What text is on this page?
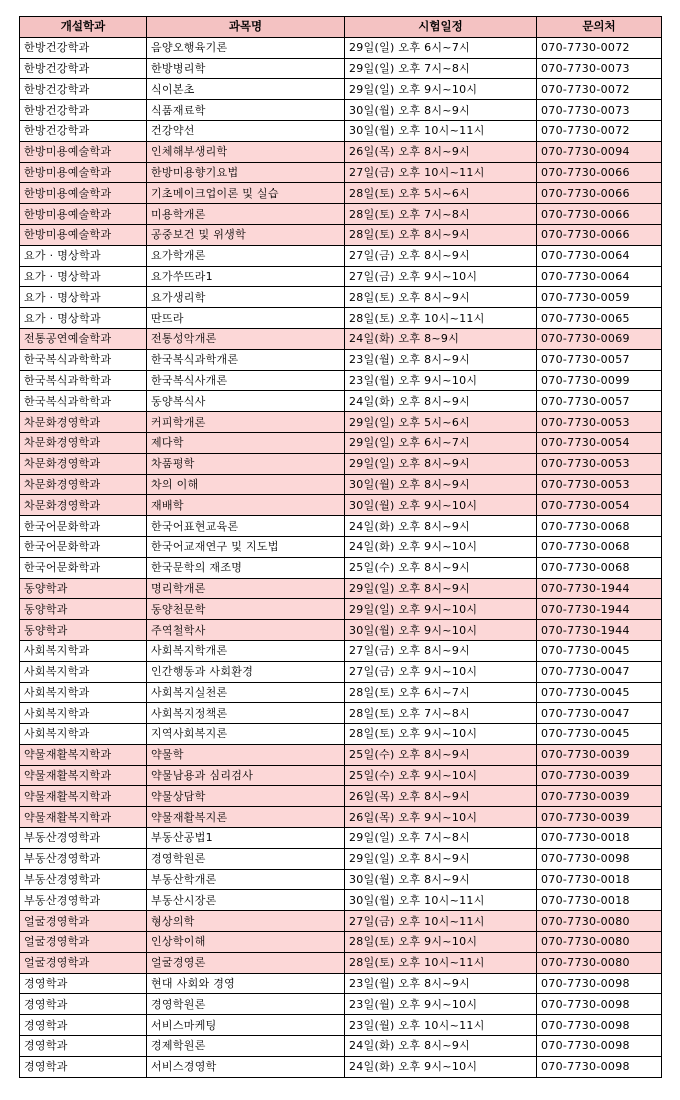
개설학과	과목명	시험일정	문의처
한방건강학과	음양오행육기론	29일(일) 오후 6시~7시	070-7730-0072
한방건강학과	한방병리학	29일(일) 오후 7시~8시	070-7730-0073
한방건강학과	식이본초	29일(일) 오후 9시~10시	070-7730-0072
한방건강학과	식품재료학	30일(월) 오후 8시~9시	070-7730-0073
한방건강학과	건강약선	30일(월) 오후 10시~11시	070-7730-0072
한방미용예술학과	인체해부생리학	26일(목) 오후 8시~9시	070-7730-0094
한방미용예술학과	한방미용향기요법	27일(금) 오후 10시~11시	070-7730-0066
한방미용예술학과	기초메이크업이론 및 실습	28일(토) 오후 5시~6시	070-7730-0066
한방미용예술학과	미용학개론	28일(토) 오후 7시~8시	070-7730-0066
한방미용예술학과	공중보건 및 위생학	28일(토) 오후 8시~9시	070-7730-0066
요가 · 명상학과	요가학개론	27일(금) 오후 8시~9시	070-7730-0064
요가 · 명상학과	요가쑤뜨라1	27일(금) 오후 9시~10시	070-7730-0064
요가 · 명상학과	요가생리학	28일(토) 오후 8시~9시	070-7730-0059
요가 · 명상학과	딴뜨라	28일(토) 오후 10시~11시	070-7730-0065
전통공연예술학과	전통성악개론	24일(화) 오후 8~9시	070-7730-0069
한국복식과학학과	한국복식과학개론	23일(월) 오후 8시~9시	070-7730-0057
한국복식과학학과	한국복식사개론	23일(월) 오후 9시~10시	070-7730-0099
한국복식과학학과	동양복식사	24일(화) 오후 8시~9시	070-7730-0057
차문화경영학과	커피학개론	29일(일) 오후 5시~6시	070-7730-0053
차문화경영학과	제다학	29일(일) 오후 6시~7시	070-7730-0054
차문화경영학과	차품평학	29일(일) 오후 8시~9시	070-7730-0053
차문화경영학과	차의 이해	30일(월) 오후 8시~9시	070-7730-0053
차문화경영학과	재배학	30일(월) 오후 9시~10시	070-7730-0054
한국어문화학과	한국어표현교육론	24일(화) 오후 8시~9시	070-7730-0068
한국어문화학과	한국어교재연구 및 지도법	24일(화) 오후 9시~10시	070-7730-0068
한국어문화학과	한국문학의 재조명	25일(수) 오후 8시~9시	070-7730-0068
동양학과	명리학개론	29일(일) 오후 8시~9시	070-7730-1944
동양학과	동양천문학	29일(일) 오후 9시~10시	070-7730-1944
동양학과	주역철학사	30일(월) 오후 9시~10시	070-7730-1944
사회복지학과	사회복지학개론	27일(금) 오후 8시~9시	070-7730-0045
사회복지학과	인간행동과 사회환경	27일(금) 오후 9시~10시	070-7730-0047
사회복지학과	사회복지실천론	28일(토) 오후 6시~7시	070-7730-0045
사회복지학과	사회복지정책론	28일(토) 오후 7시~8시	070-7730-0047
사회복지학과	지역사회복지론	28일(토) 오후 9시~10시	070-7730-0045
약물재활복지학과	약물학	25일(수) 오후 8시~9시	070-7730-0039
약물재활복지학과	약물남용과 심리검사	25일(수) 오후 9시~10시	070-7730-0039
약물재활복지학과	약물상담학	26일(목) 오후 8시~9시	070-7730-0039
약물재활복지학과	약물재활복지론	26일(목) 오후 9시~10시	070-7730-0039
부동산경영학과	부동산공법1	29일(일) 오후 7시~8시	070-7730-0018
부동산경영학과	경영학원론	29일(일) 오후 8시~9시	070-7730-0098
부동산경영학과	부동산학개론	30일(월) 오후 8시~9시	070-7730-0018
부동산경영학과	부동산시장론	30일(월) 오후 10시~11시	070-7730-0018
얼굴경영학과	형상의학	27일(금) 오후 10시~11시	070-7730-0080
얼굴경영학과	인상학이해	28일(토) 오후 9시~10시	070-7730-0080
얼굴경영학과	얼굴경영론	28일(토) 오후 10시~11시	070-7730-0080
경영학과	현대 사회와 경영	23일(월) 오후 8시~9시	070-7730-0098
경영학과	경영학원론	23일(월) 오후 9시~10시	070-7730-0098
경영학과	서비스마케팅	23일(월) 오후 10시~11시	070-7730-0098
경영학과	경제학원론	24일(화) 오후 8시~9시	070-7730-0098
경영학과	서비스경영학	24일(화) 오후 9시~10시	070-7730-0098
